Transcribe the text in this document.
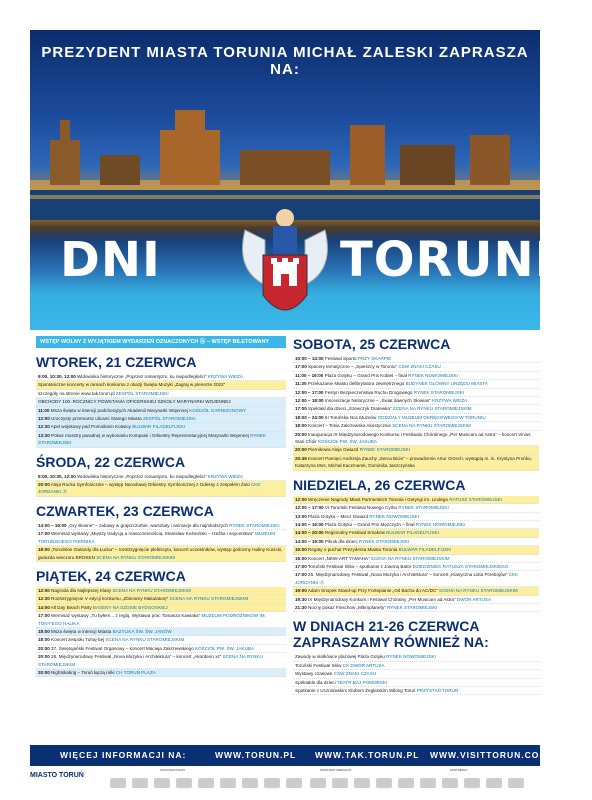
PREZYDENT MIASTA TORUNIA MICHAŁ ZALESKI ZAPRASZA NA:
DNI	TORUNIA
WSTĘP WOLNY Z WYJĄTKIEM WYDARZEŃ OZNACZONYCH ⓑ – WSTĘP BILETOWANY
WTOREK, 21 CZERWCA
9:00, 10:30, 12:00 Widowiska historyczne „Poprzez romantyzm, ku niepodległości” KRZYWA WIEŻA
Spontaniczne koncerty w ramach konkursu z okazji Święta Muzyki „Zagraj w plenerze 2022”
szczegóły na stronie www.tak.torun.pl ZESPÓŁ STAROMIEJSKI
OBCHODY 100. ROCZNICY POWSTANIA OFICERSKIEJ SZKOŁY MARYNARKI WOJENNEJ
11:00 Msza święta w intencji podchorążych Akademii Marynarki Wojennej KOŚCIÓŁ GARNIZONOWY
12:00 Uroczysty przemarsz ulicami Starego Miasta ZESPÓŁ STAROMIEJSKI
12:30 Apel wojskowy pod Pomnikiem Kotwicy BULWAR FILADELFIJSKI
13:30 Pokaz musztry paradnej w wykonaniu Kompanii i Orkiestry Reprezentacyjnej Marynarki Wojennej RYNEK STAROMIEJSKI
ŚRODA, 22 CZERWCA
9:00, 10:30, 12:00 Widowiska historyczne „Poprzez romantyzm, ku niepodległości” KRZYWA WIEŻA
20:00 Aleja Rocka Symfonicznie – występ Narodowej Orkiestry Symfonicznej z Odessy z zespołem Żuki CKK JORDANKI Ⓑ
CZWARTEK, 23 CZERWCA
14:00 – 16:00 „Gry słowne” – zabawy w grajszczurbie, warsztaty i animacje dla najmłodszych RYNEK STAROMIEJSKI
17:00 Wernisaż wystawy „Między tradycją a nowoczesnością. Stanisław Kośmiński – rzeźba i snycerstwo” MUZEUM TORUŃSKIEGO PIERNIKA
18:00 „Toruńskie Gwiazdy dla Łucka” – rozstrzygnięcie plebiscytu, koncert uczestników, występ gościnny Haliny Kunicki, gwiazda wieczoru BROKEN SCENA NA RYNKU STAROMIEJSKIM
PIĄTEK, 24 CZERWCA
12:00 Nagroda dla Najlepszej Klasy SCENA NA RYNKU STAROMIEJSKIM
12:30 Rozstrzygnięcie V edycji konkursu „Zbieramy Makulaturę” SCENA NA RYNKU STAROMIEJSKIM
14:00 All Day Beach Party BASENY NA SZOSIE BYDGOSKIEJ
17:00 Wernisaż wystawy „Tu byłem... z reglą. Wystawa prac Tomasza Kawiaka” MUZEUM PODRÓŻNIKÓW IM. TONY'EGO HALIKA
18:00 Msza święta w intencji Miasta BAZYLIKA ŚW. ŚW. JANÓW
18:00 Koncert zespołu Tuhaj-bej SCENA NA RYNKU STAROMIEJSKIM
20:00 37. Świętojański Festiwal Organowy – koncert Macieja Zakrzewskiego KOŚCIÓŁ PW. ŚW. JAKUBA
20:00 26. Międzynarodowy Festiwal „Nova Muzyka i Architektura” – koncert „Akordeon xz” SCENA NA RYNKU STAROMIEJSKIM
20:00 Nightskating – Toruń łączą rolki CH TORUŃ PLAZA
SOBOTA, 25 CZERWCA
10:00 – 14:00 Festiwal Sportu PRZY SKARPIE
17:00 Spacery tematyczne – „Spieszcy w Toruniu” CSW ZNAKI CZASU
11:00 – 16:00 Plaża Gotyku – Grand Prix Kobiet – finał RYNEK NOWOMIEJSKI
11:30 Przekazanie Miastu defibrylatora zewnętrznego BUDYNEK GŁÓWNY URZĘDU MIASTA
12:00 – 17:00 Festyn Bezpieczeństwa Ruchu Drogowego RYNEK STAROMIEJSKI
12:00 – 18:00 Inscenizacje historyczne – „Świat dawnych Słowian” KRZYWA WIEŻA
17:00 Spektakl dla dzieci „Szewczyk Dratewka” SCENA NA RYNKU STAROMIEJSKIM
18:00 – 24:00 III Toruńska Noc Muzeów ODDZIAŁY MUZEUM OKRĘGOWEGO W TORUNIU
18:00 Koncert – Tosia Zakrzewska Akustycznie SCENA NA RYNKU STAROMIEJSKIM
20:00 Inauguracja IX Międzynarodowego Konkursu i Festiwalu Chóralnego „Per Musicam ad Astra” – koncert Vinius Stari Chóir KOŚCIÓŁ PW. ŚW. JAKUBA
20:00 Piernikowa Aleja Gwiazd RYNEK STAROMIEJSKI
20:45 Koncert Pamięci Andrzeja Zauchy „Serca Bicie” – prowadzenie Artur Orzech, wystąpią m. in. Krystyna Prońko, Katarzyna Mos, Michał Kaczmarek, Dominika Jaszczyńska
NIEDZIELA, 26 CZERWCA
12:00 Wręczenie Nagrody Miast Partnerskich Torunia i Getyngi im. Lindego RATUSZ STAROMIEJSKI
12:00 – 17:00 VI Toruński Festiwal Nowego Cyrku RYNEK STAROMIEJSKI
13:00 Plaża Gotyku – Mecz Gwiazd RYNEK NOWOMIEJSKI
14:00 – 16:00 Plaża Gotyku – Grand Prix Mężczyzn – finał RYNEK NOWOMIEJSKI
14:00 – 20:00 Regionalny Festiwal Smaków BULWAR FILADELFIJSKI
14:00 – 19:00 Piknik dla dzieci RYNEK STAROMIEJSKI
15:00 Regaty o puchar Prezydenta Miasta Torunia BULWAR FILADELFIJSKI
16:00 Koncert „NEW-ART YAMAHA” SCENA NA RYNKU STAROMIEJSKIM
17:00 Toruński Festiwal Słów – spotkanie z Joanną Bator DZIEDZINIEC RATUSZA STAROMIEJSKIEGO
17:00 26. Międzynarodowy Festiwal „Nova Muzyka i Architektura” – koncert „Klasyczna Lista Przebojów” CKK JORDANKI Ⓑ
19:00 Adam Snopek Stand-up Przy Fortepianie „Od Bacha do AC/DC” SCENA NA RYNKU STAROMIEJSKIM
19:30 IX Międzynarodowy Konkurs i Festiwal Chóralny „Per Musicam ad Astra” DWÓR ARTUSA
21:30 Nocny pokaz Finschow „Mikroplanety” RYNEK STAROMIEJSKI
W DNIACH 21-26 CZERWCA ZAPRASZAMY RÓWNIEŻ NA:
Zawody w siatkówce plażowej Plaża Gotyku RYNEK NOWOMIEJSKI
Toruński Festiwal Słów CK DWÓR ARTUSA
Wystawy czasowe CSW ZNAKI CZASU
Spektakle dla dzieci TEATR BAJ POMORSKI
Spotkanie z Uczniowskim Klubem Żeglarskim Wiking Toruń PRZYSTAŃ TORUŃ
WIĘCEJ INFORMACJI NA:	WWW.TORUN.PL WWW.TAK.TORUN.PL WWW.VISITTORUN.COM
MIASTO TORUŃ
ORGANIZATORZY	PATRONAT MEDIALNY	PARTNERZY
